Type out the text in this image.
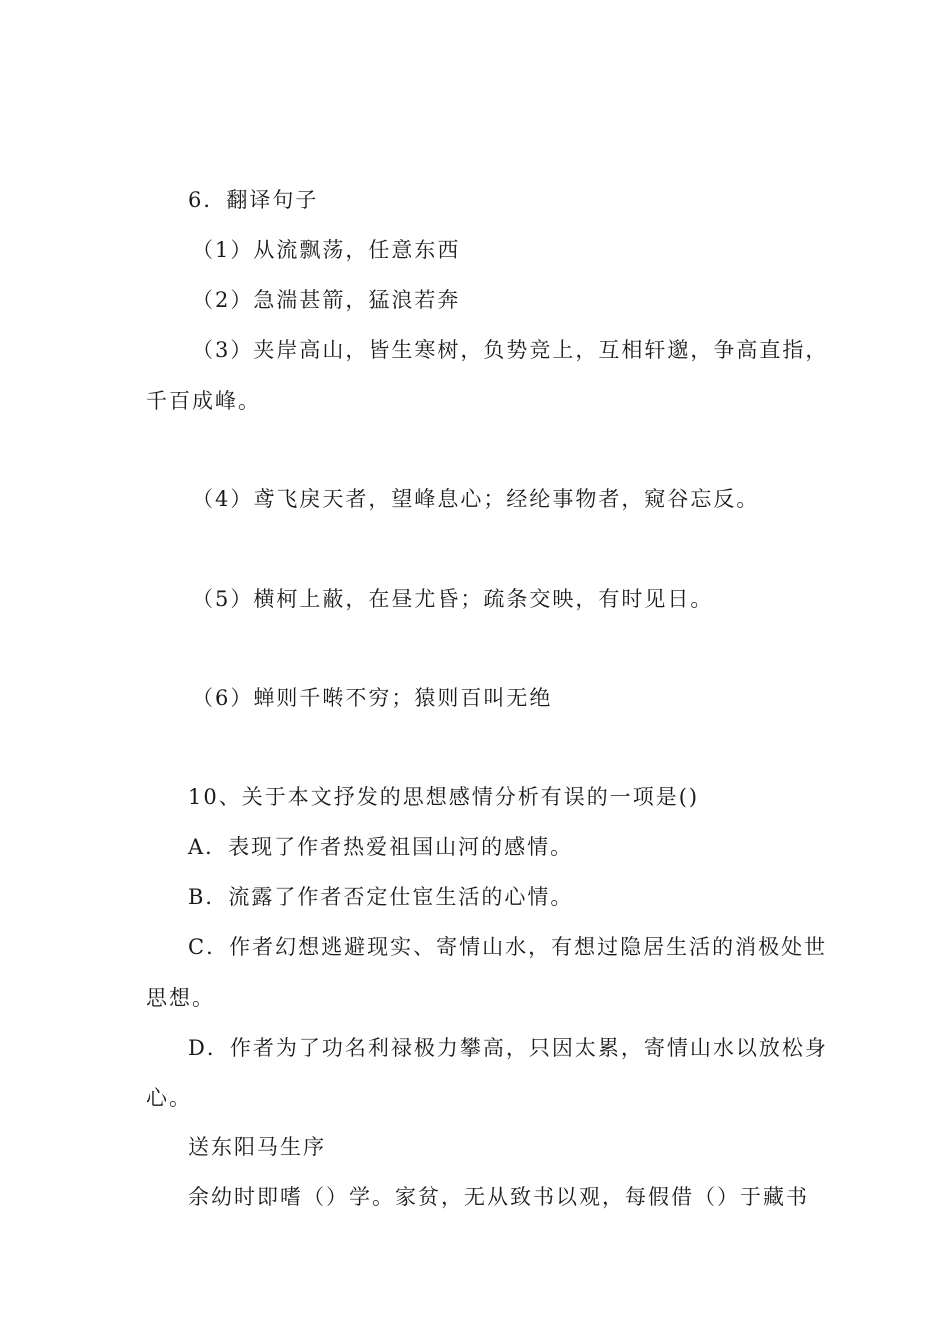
6．翻译句子
（1）从流飘荡，任意东西
（2）急湍甚箭，猛浪若奔
（3）夹岸高山，皆生寒树，负势竞上，互相轩邈，争高直指，
千百成峰。
（4）鸢飞戾天者，望峰息心；经纶事物者，窥谷忘反。
（5）横柯上蔽，在昼尤昏；疏条交映，有时见日。
（6）蝉则千啭不穷；猿则百叫无绝
10、关于本文抒发的思想感情分析有误的一项是()
A．表现了作者热爱祖国山河的感情。
B．流露了作者否定仕宦生活的心情。
C．作者幻想逃避现实、寄情山水，有想过隐居生活的消极处世
思想。
D．作者为了功名利禄极力攀高，只因太累，寄情山水以放松身
心。
送东阳马生序
余幼时即嗜（）学。家贫，无从致书以观，每假借（）于藏书
